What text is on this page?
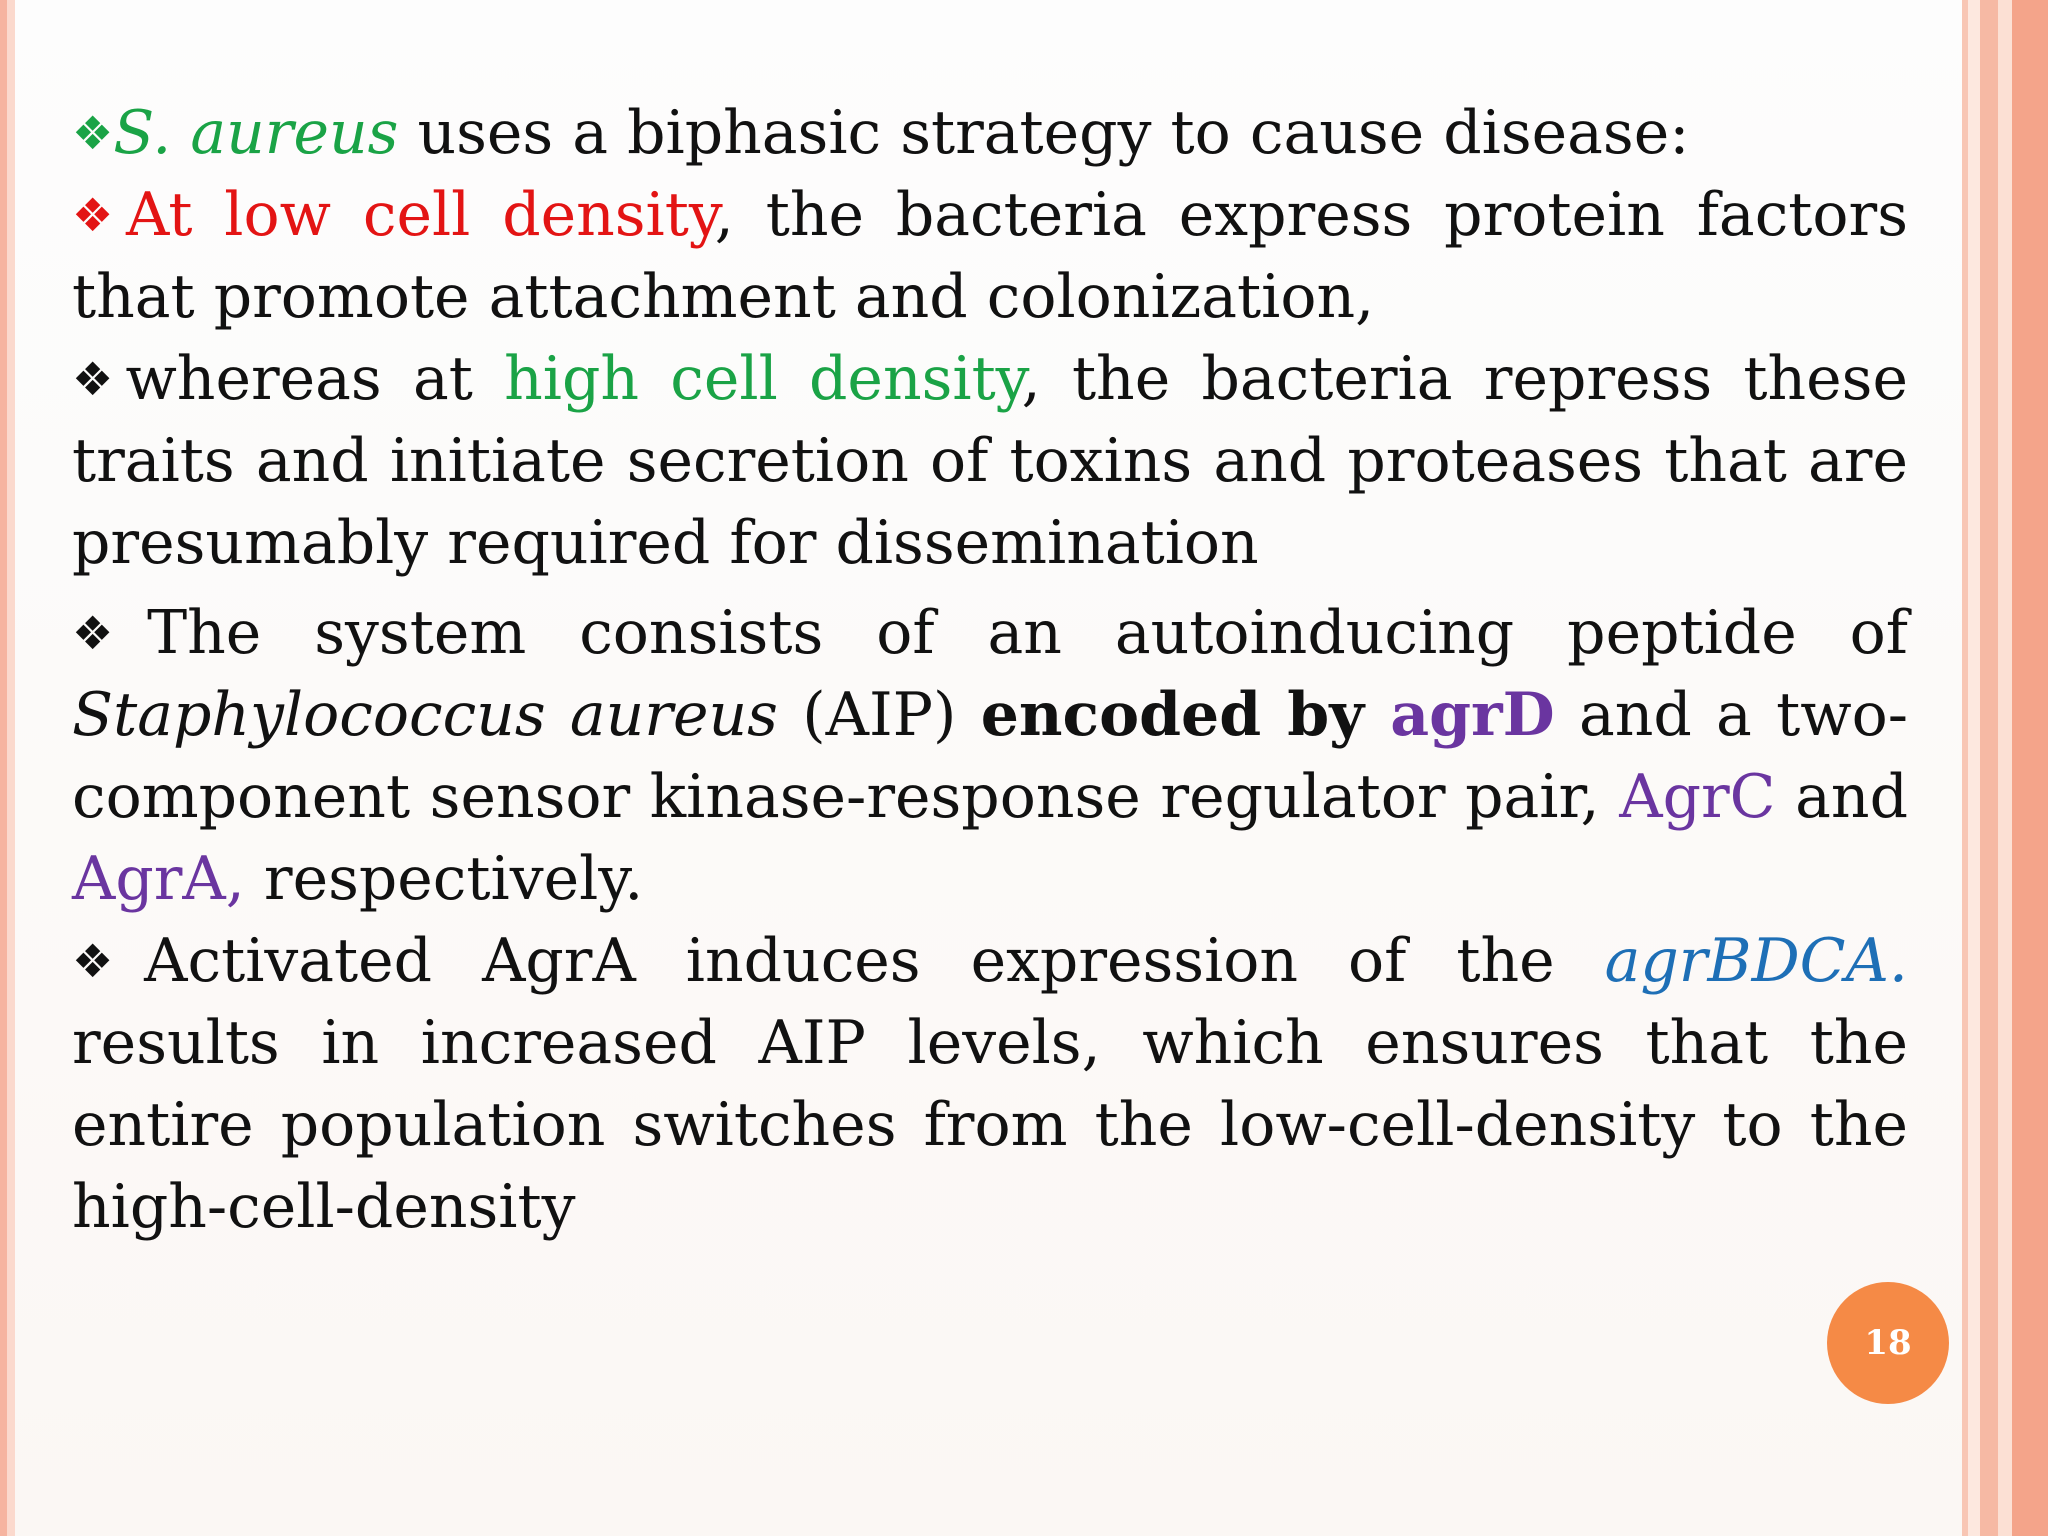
❖S. aureus uses a biphasic strategy to cause disease:

❖At low cell density, the bacteria express protein factors that promote attachment and colonization,

❖whereas at high cell density, the bacteria repress these traits and initiate secretion of toxins and proteases that are presumably required for dissemination

❖The system consists of an autoinducing peptide of Staphylococcus aureus (AIP) encoded by agrD and a two-component sensor kinase-response regulator pair, AgrC and AgrA, respectively.

❖Activated AgrA induces expression of the agrBDCA. results in increased AIP levels, which ensures that the entire population switches from the low-cell-density to the high-cell-density

18
